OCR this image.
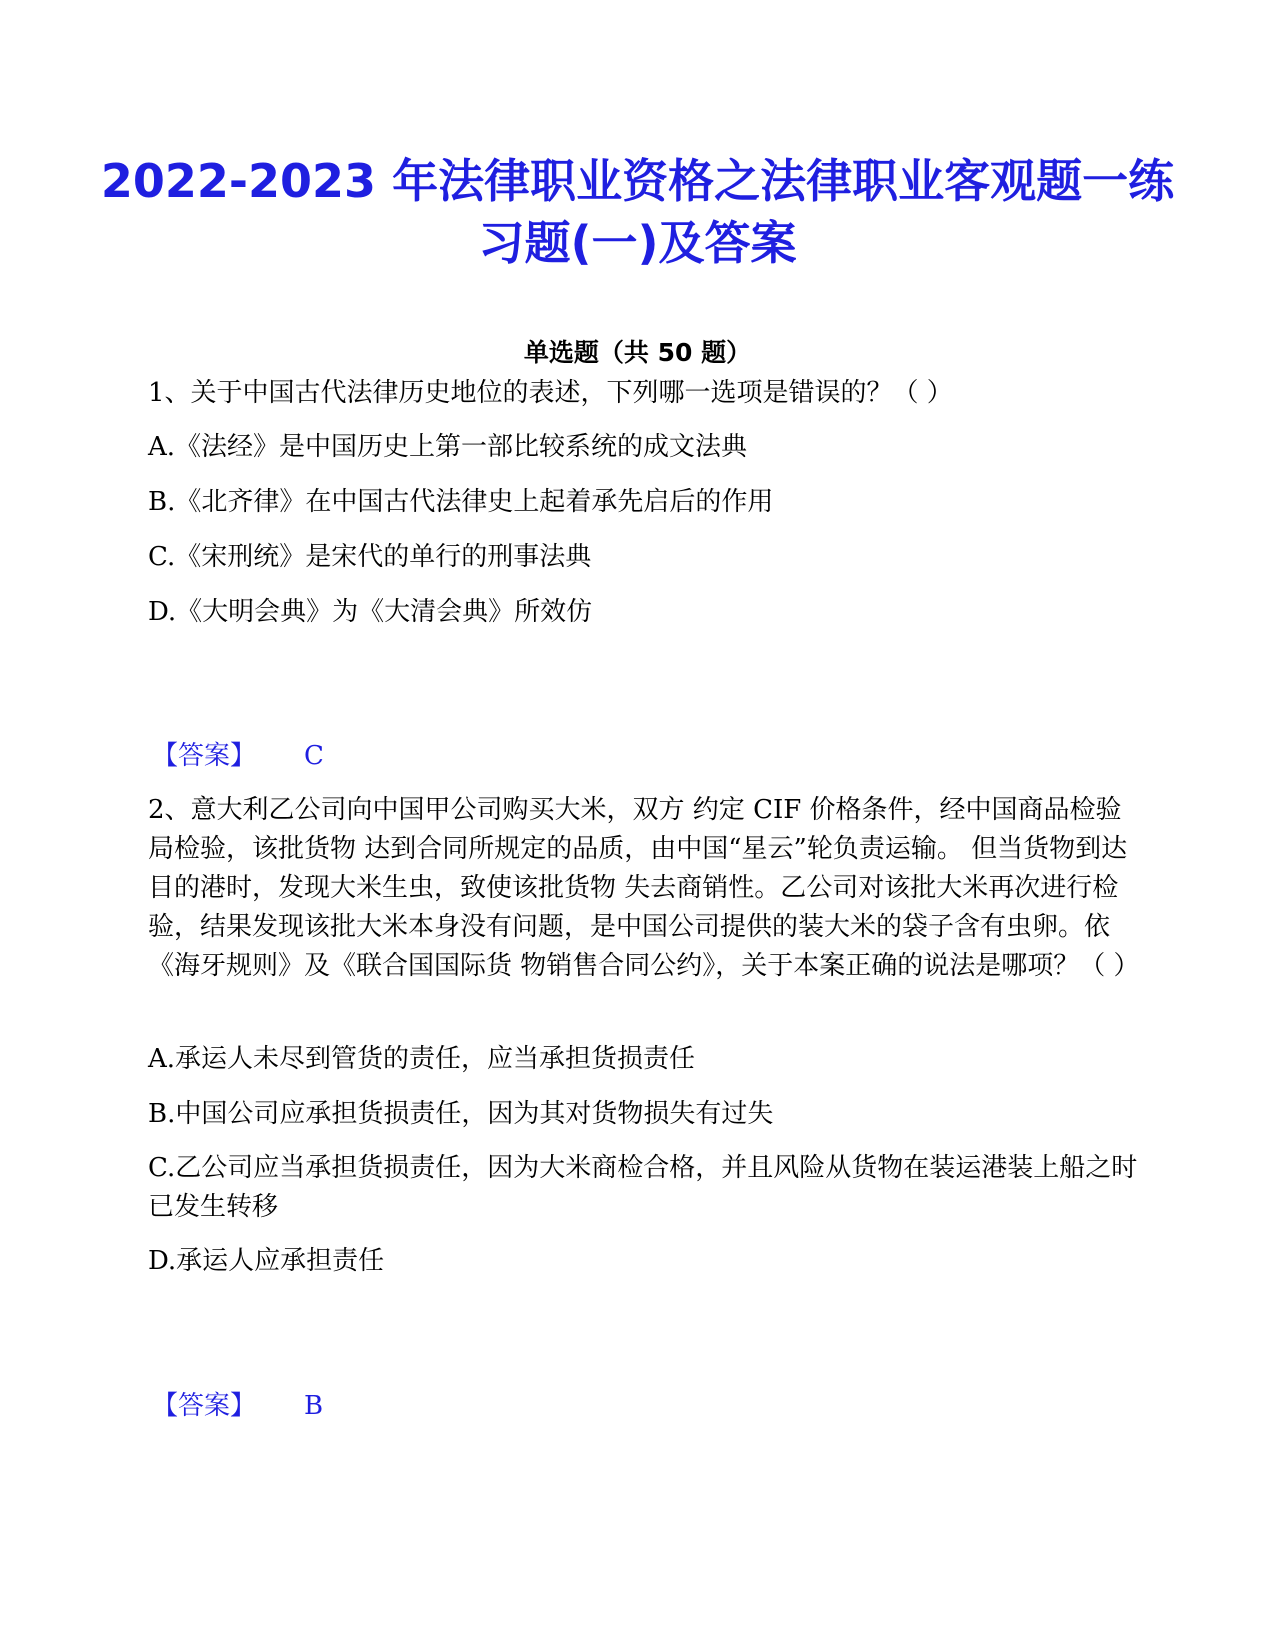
2022-2023 年法律职业资格之法律职业客观题一练习题(一)及答案
单选题（共 50 题）
1、关于中国古代法律历史地位的表述，下列哪一选项是错误的？（ ）
A.《法经》是中国历史上第一部比较系统的成文法典
B.《北齐律》在中国古代法律史上起着承先启后的作用
C.《宋刑统》是宋代的单行的刑事法典
D.《大明会典》为《大清会典》所效仿
【答案】 C
2、意大利乙公司向中国甲公司购买大米，双方 约定 CIF 价格条件，经中国商品检验局检验，该批货物 达到合同所规定的品质，由中国“星云”轮负责运输。 但当货物到达目的港时，发现大米生虫，致使该批货物 失去商销性。乙公司对该批大米再次进行检验，结果发现该批大米本身没有问题，是中国公司提供的装大米的袋子含有虫卵。依《海牙规则》及《联合国国际货 物销售合同公约》，关于本案正确的说法是哪项？（ ）
A.承运人未尽到管货的责任，应当承担货损责任
B.中国公司应承担货损责任，因为其对货物损失有过失
C.乙公司应当承担货损责任，因为大米商检合格，并且风险从货物在装运港装上船之时已发生转移
D.承运人应承担责任
【答案】 B
